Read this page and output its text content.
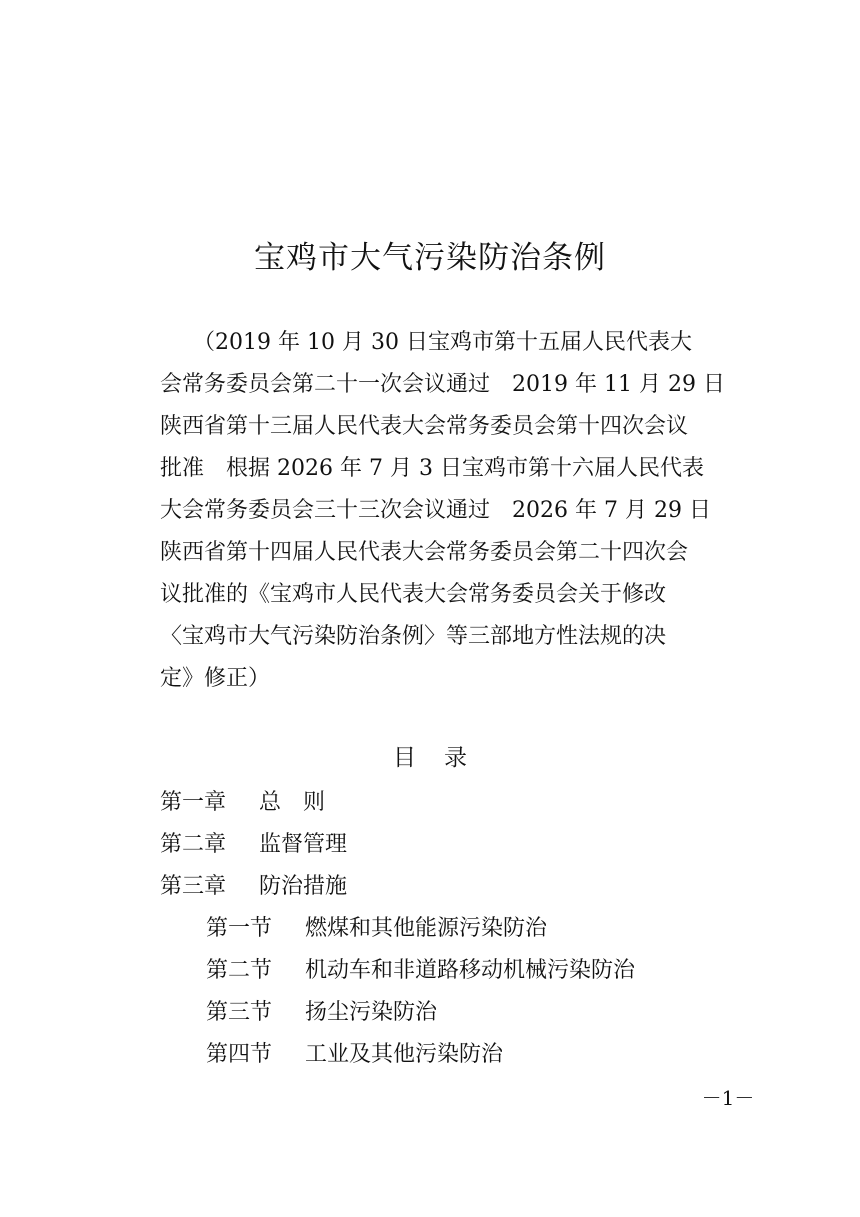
宝鸡市大气污染防治条例
　　（2019 年 10 月 30 日宝鸡市第十五届人民代表大
会常务委员会第二十一次会议通过　2019 年 11 月 29 日
陕西省第十三届人民代表大会常务委员会第十四次会议
批准　根据 2026 年 7 月 3 日宝鸡市第十六届人民代表
大会常务委员会三十三次会议通过　2026 年 7 月 29 日
陕西省第十四届人民代表大会常务委员会第二十四次会
议批准的《宝鸡市人民代表大会常务委员会关于修改
〈宝鸡市大气污染防治条例〉等三部地方性法规的决
定》修正）
目录
第一章 总则
第二章 监督管理
第三章 防治措施
第一节 燃煤和其他能源污染防治
第二节 机动车和非道路移动机械污染防治
第三节 扬尘污染防治
第四节 工业及其他污染防治
－1－
